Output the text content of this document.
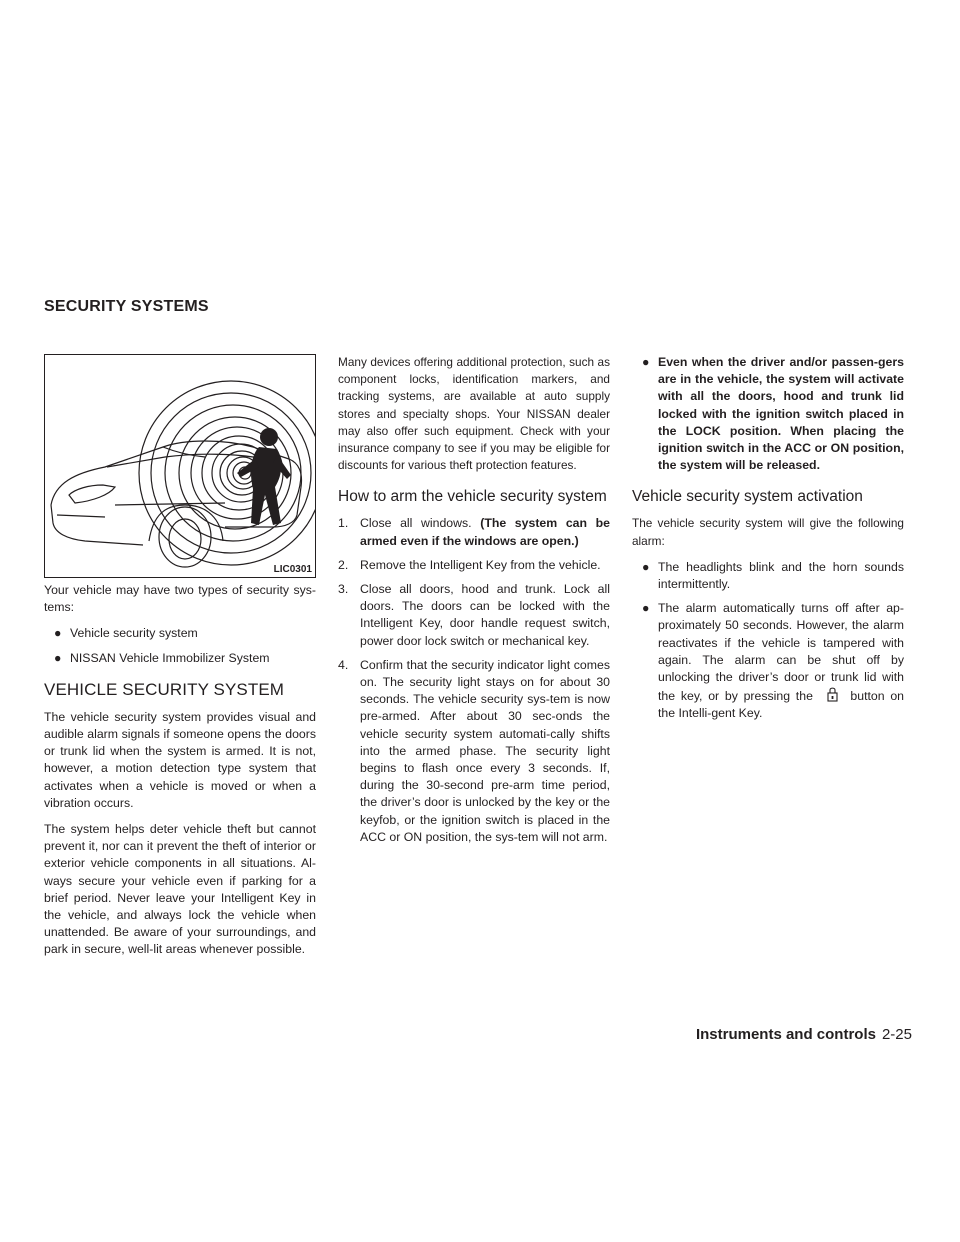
SECURITY SYSTEMS
LIC0301

Your vehicle may have two types of security sys-tems:

● Vehicle security system
● NISSAN Vehicle Immobilizer System
VEHICLE SECURITY SYSTEM

The vehicle security system provides visual and audible alarm signals if someone opens the doors or trunk lid when the system is armed. It is not, however, a motion detection type system that activates when a vehicle is moved or when a vibration occurs.

The system helps deter vehicle theft but cannot prevent it, nor can it prevent the theft of interior or exterior vehicle components in all situations. Al-ways secure your vehicle even if parking for a brief period. Never leave your Intelligent Key in the vehicle, and always lock the vehicle when unattended. Be aware of your surroundings, and park in secure, well-lit areas whenever possible.

Many devices offering additional protection, such as component locks, identification markers, and tracking systems, are available at auto supply stores and specialty shops. Your NISSAN dealer may also offer such equipment. Check with your insurance company to see if you may be eligible for discounts for various theft protection features.

How to arm the vehicle security system
1. Close all windows. (The system can be armed even if the windows are open.)
2. Remove the Intelligent Key from the vehicle.
3. Close all doors, hood and trunk. Lock all doors. The doors can be locked with the Intelligent Key, door handle request switch, power door lock switch or mechanical key.
4. Confirm that the security indicator light comes on. The security light stays on for about 30 seconds. The vehicle security sys-tem is now pre-armed. After about 30 sec-onds the vehicle security system automati-cally shifts into the armed phase. The security light begins to flash once every 3 seconds. If, during the 30-second pre-arm time period, the driver’s door is unlocked by the key or the keyfob, or the ignition switch is placed in the ACC or ON position, the sys-tem will not arm.
● Even when the driver and/or passen-gers are in the vehicle, the system will activate with all the doors, hood and trunk lid locked with the ignition switch placed in the LOCK position. When placing the ignition switch in the ACC or ON position, the system will be released.
Vehicle security system activation

The vehicle security system will give the following alarm:

● The headlights blink and the horn sounds intermittently.
● The alarm automatically turns off after ap-proximately 50 seconds. However, the alarm reactivates if the vehicle is tampered with again. The alarm can be shut off by unlocking the driver’s door or trunk lid with the key, or by pressing the	button on the Intelli-gent Key.
Instruments and controls 2-25
